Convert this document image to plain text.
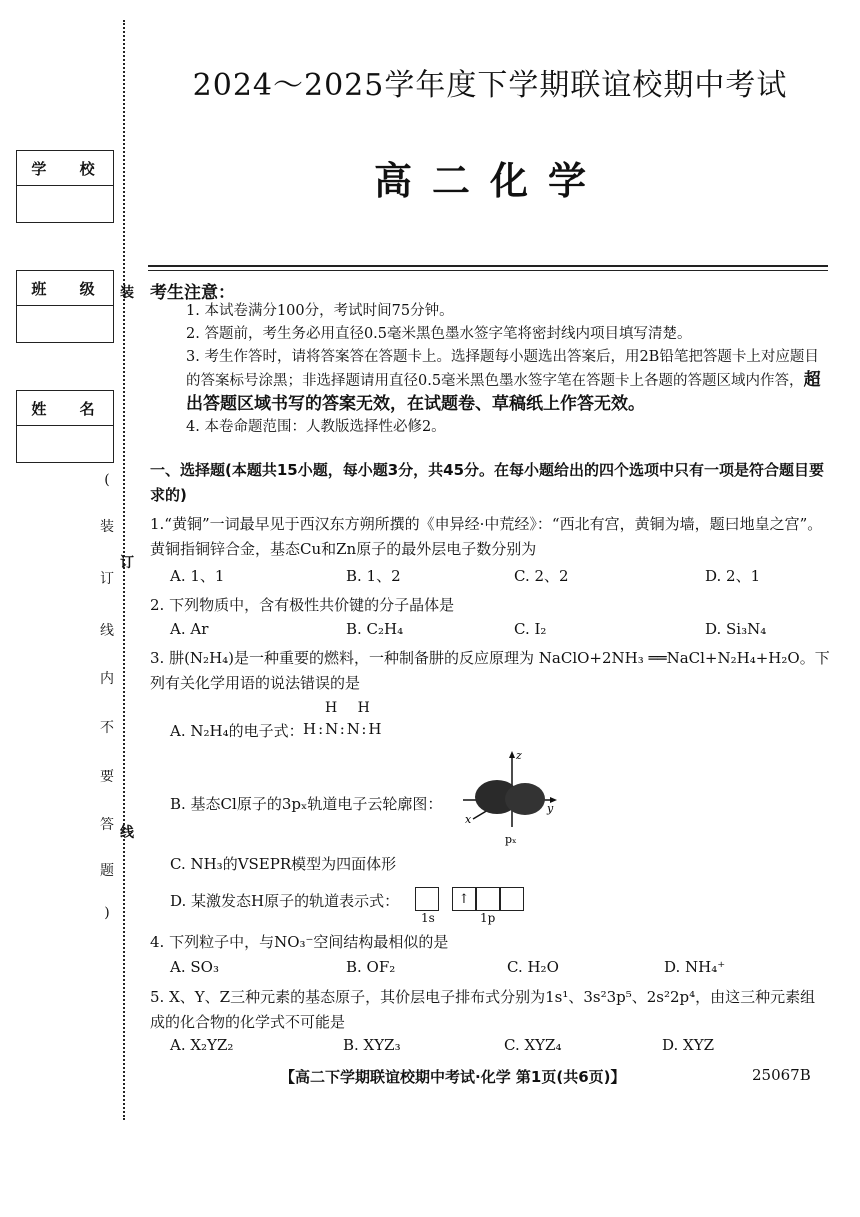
学 校
班 级
姓 名
装
订
线
(
装
订
线
内
不
要
答
题
)
2024～2025学年度下学期联谊校期中考试
高二化学
考生注意：
1. 本试卷满分100分，考试时间75分钟。
2. 答题前，考生务必用直径0.5毫米黑色墨水签字笔将密封线内项目填写清楚。
3. 考生作答时，请将答案答在答题卡上。选择题每小题选出答案后，用2B铅笔把答题卡上对应题目的答案标号涂黑；非选择题请用直径0.5毫米黑色墨水签字笔在答题卡上各题的答题区域内作答，超出答题区域书写的答案无效，在试题卷、草稿纸上作答无效。
4. 本卷命题范围：人教版选择性必修2。
一、选择题(本题共15小题，每小题3分，共45分。在每小题给出的四个选项中只有一项是符合题目要求的)
1.“黄铜”一词最早见于西汉东方朔所撰的《申异经·中荒经》：“西北有宫，黄铜为墙，题曰地皇之宫”。黄铜指铜锌合金，基态Cu和Zn原子的最外层电子数分别为
A. 1、1	B. 1、2	C. 2、2	D. 2、1
2. 下列物质中，含有极性共价键的分子晶体是
A. Ar	B. C₂H₄	C. I₂	D. Si₃N₄
3. 肼(N₂H₄)是一种重要的燃料，一种制备肼的反应原理为 NaClO+2NH₃ ══NaCl+N₂H₄+H₂O。下列有关化学用语的说法错误的是
A. N₂H₄的电子式：
H H
H:N:N:H
B. 基态Cl原子的3pₓ轨道电子云轮廓图：
z
y
x
pₓ
C. NH₃的VSEPR模型为四面体形
D. 某激发态H原子的轨道表示式：	↑
1s	1p
4. 下列粒子中，与NO₃⁻空间结构最相似的是
A. SO₃	B. OF₂	C. H₂O	D. NH₄⁺
5. X、Y、Z三种元素的基态原子，其价层电子排布式分别为1s¹、3s²3p⁵、2s²2p⁴，由这三种元素组成的化合物的化学式不可能是
A. X₂YZ₂	B. XYZ₃	C. XYZ₄	D. XYZ
【高二下学期联谊校期中考试·化学 第1页(共6页)】	25067B
